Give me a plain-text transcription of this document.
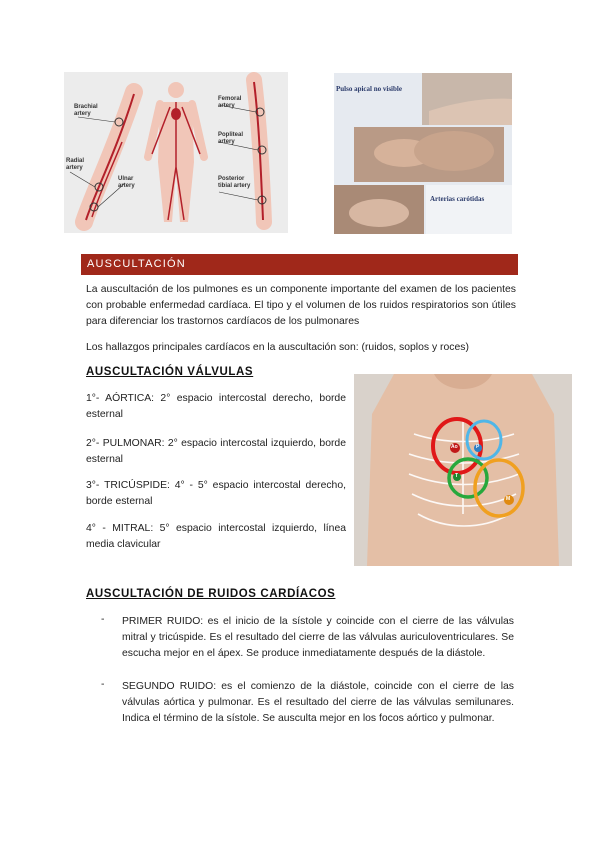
Brachial artery
Radial artery
Ulnar artery
Femoral artery
Popliteal artery
Posterior tibial artery
Pulso apical no visible
Arterias carótidas
AUSCULTACIÓN

La auscultación de los pulmones es un componente importante del examen de los pacientes con probable enfermedad cardíaca. El tipo y el volumen de los ruidos respiratorios son útiles para diferenciar los trastornos cardíacos de los pulmonares

Los hallazgos principales cardíacos en la auscultación son: (ruidos, soplos y roces)

AUSCULTACIÓN VÁLVULAS
1°- AÓRTICA: 2° espacio intercostal derecho, borde esternal
2°- PULMONAR: 2° espacio intercostal izquierdo, borde esternal
3°- TRICÚSPIDE: 4° - 5° espacio intercostal derecho, borde esternal
4° - MITRAL: 5° espacio intercostal izquierdo, línea media clavicular
Ao	P
T
M
AUSCULTACIÓN DE RUIDOS CARDÍACOS
- PRIMER RUIDO: es el inicio de la sístole y coincide con el cierre de las válvulas mitral y tricúspide. Es el resultado del cierre de las válvulas auriculoventriculares. Se escucha mejor en el ápex. Se produce inmediatamente después de la diástole.
- SEGUNDO RUIDO: es el comienzo de la diástole, coincide con el cierre de las válvulas aórtica y pulmonar. Es el resultado del cierre de las válvulas semilunares. Indica el término de la sístole. Se ausculta mejor en los focos aórtico y pulmonar.
